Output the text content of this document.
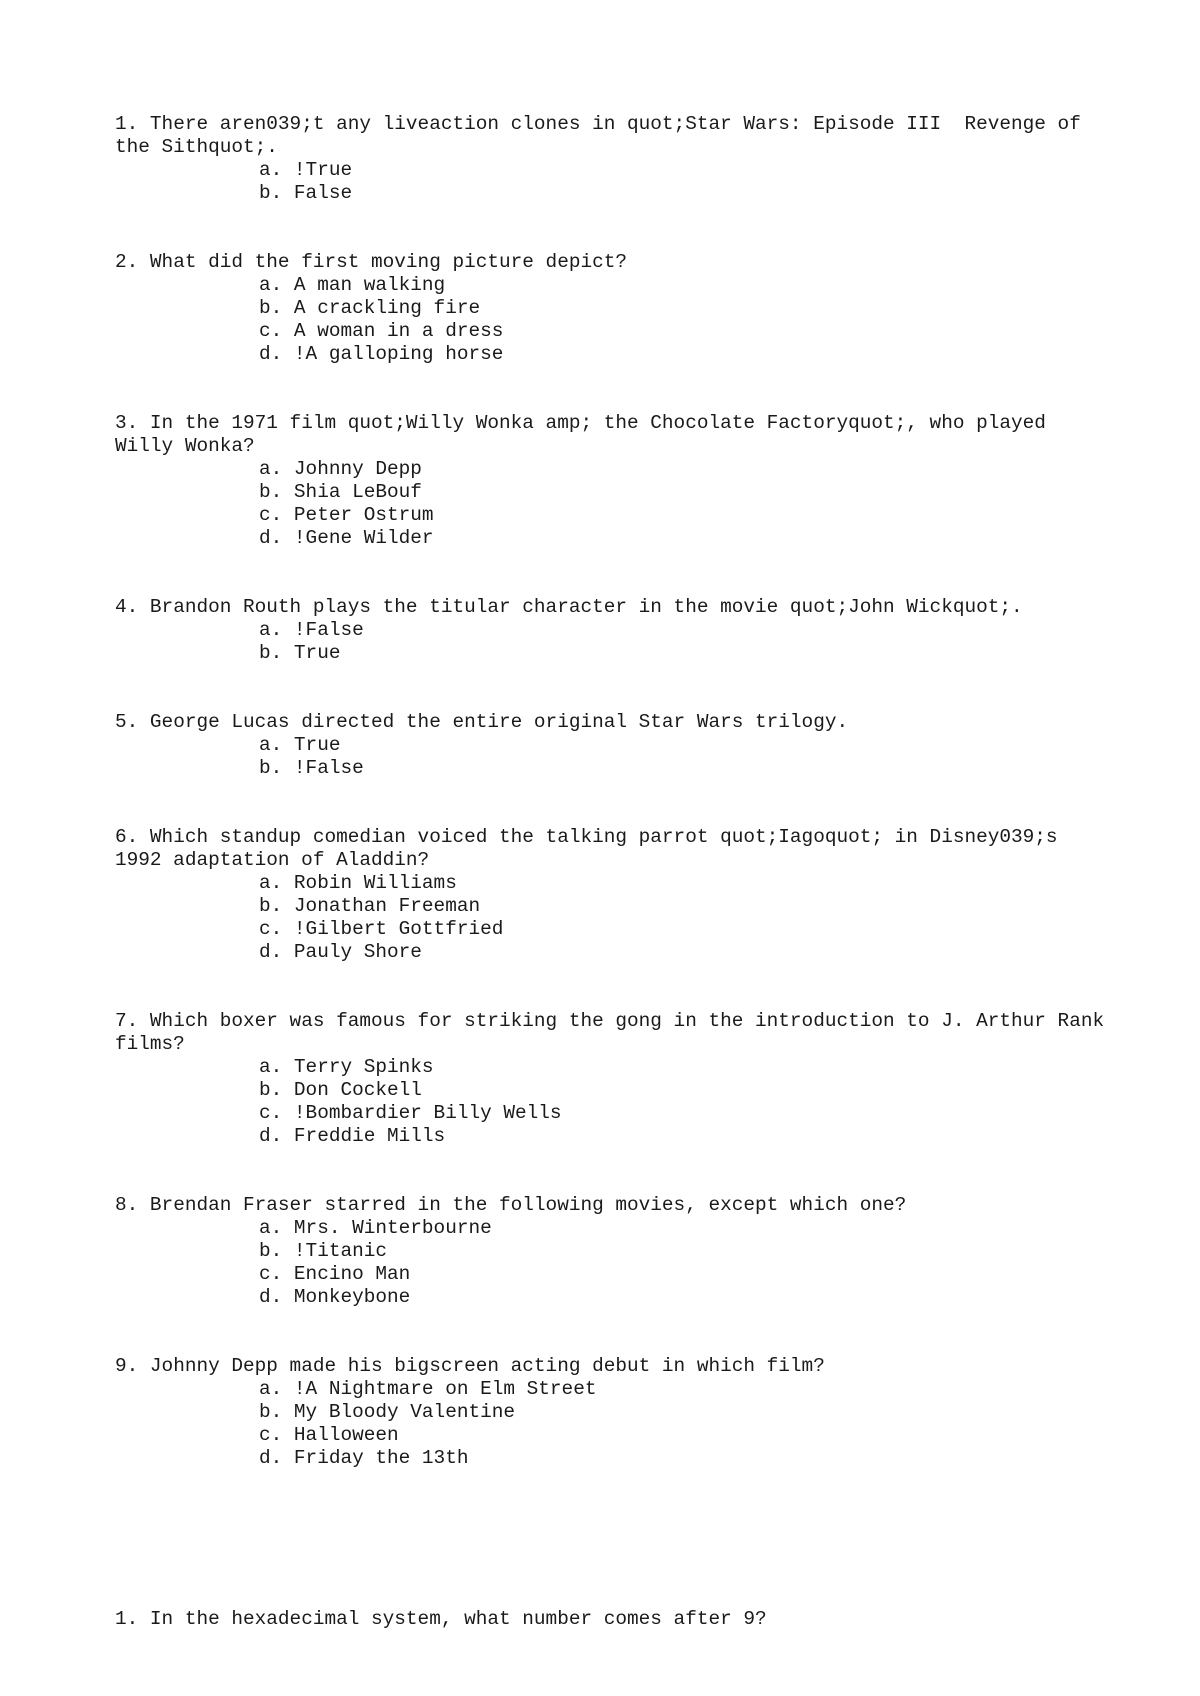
1. There aren039;t any liveaction clones in quot;Star Wars: Episode III  Revenge of the Sithquot;.

a. !True
b. False

2. What did the first moving picture depict?

a. A man walking
b. A crackling fire
c. A woman in a dress
d. !A galloping horse

3. In the 1971 film quot;Willy Wonka amp; the Chocolate Factoryquot;, who played Willy Wonka?

a. Johnny Depp
b. Shia LeBouf
c. Peter Ostrum
d. !Gene Wilder

4. Brandon Routh plays the titular character in the movie quot;John Wickquot;.

a. !False
b. True

5. George Lucas directed the entire original Star Wars trilogy.

a. True
b. !False

6. Which standup comedian voiced the talking parrot quot;Iagoquot; in Disney039;s 1992 adaptation of Aladdin?

a. Robin Williams
b. Jonathan Freeman
c. !Gilbert Gottfried
d. Pauly Shore

7. Which boxer was famous for striking the gong in the introduction to J. Arthur Rank films?

a. Terry Spinks
b. Don Cockell
c. !Bombardier Billy Wells
d. Freddie Mills

8. Brendan Fraser starred in the following movies, except which one?

a. Mrs. Winterbourne
b. !Titanic
c. Encino Man
d. Monkeybone

9. Johnny Depp made his bigscreen acting debut in which film?

a. !A Nightmare on Elm Street
b. My Bloody Valentine
c. Halloween
d. Friday the 13th

1. In the hexadecimal system, what number comes after 9?
